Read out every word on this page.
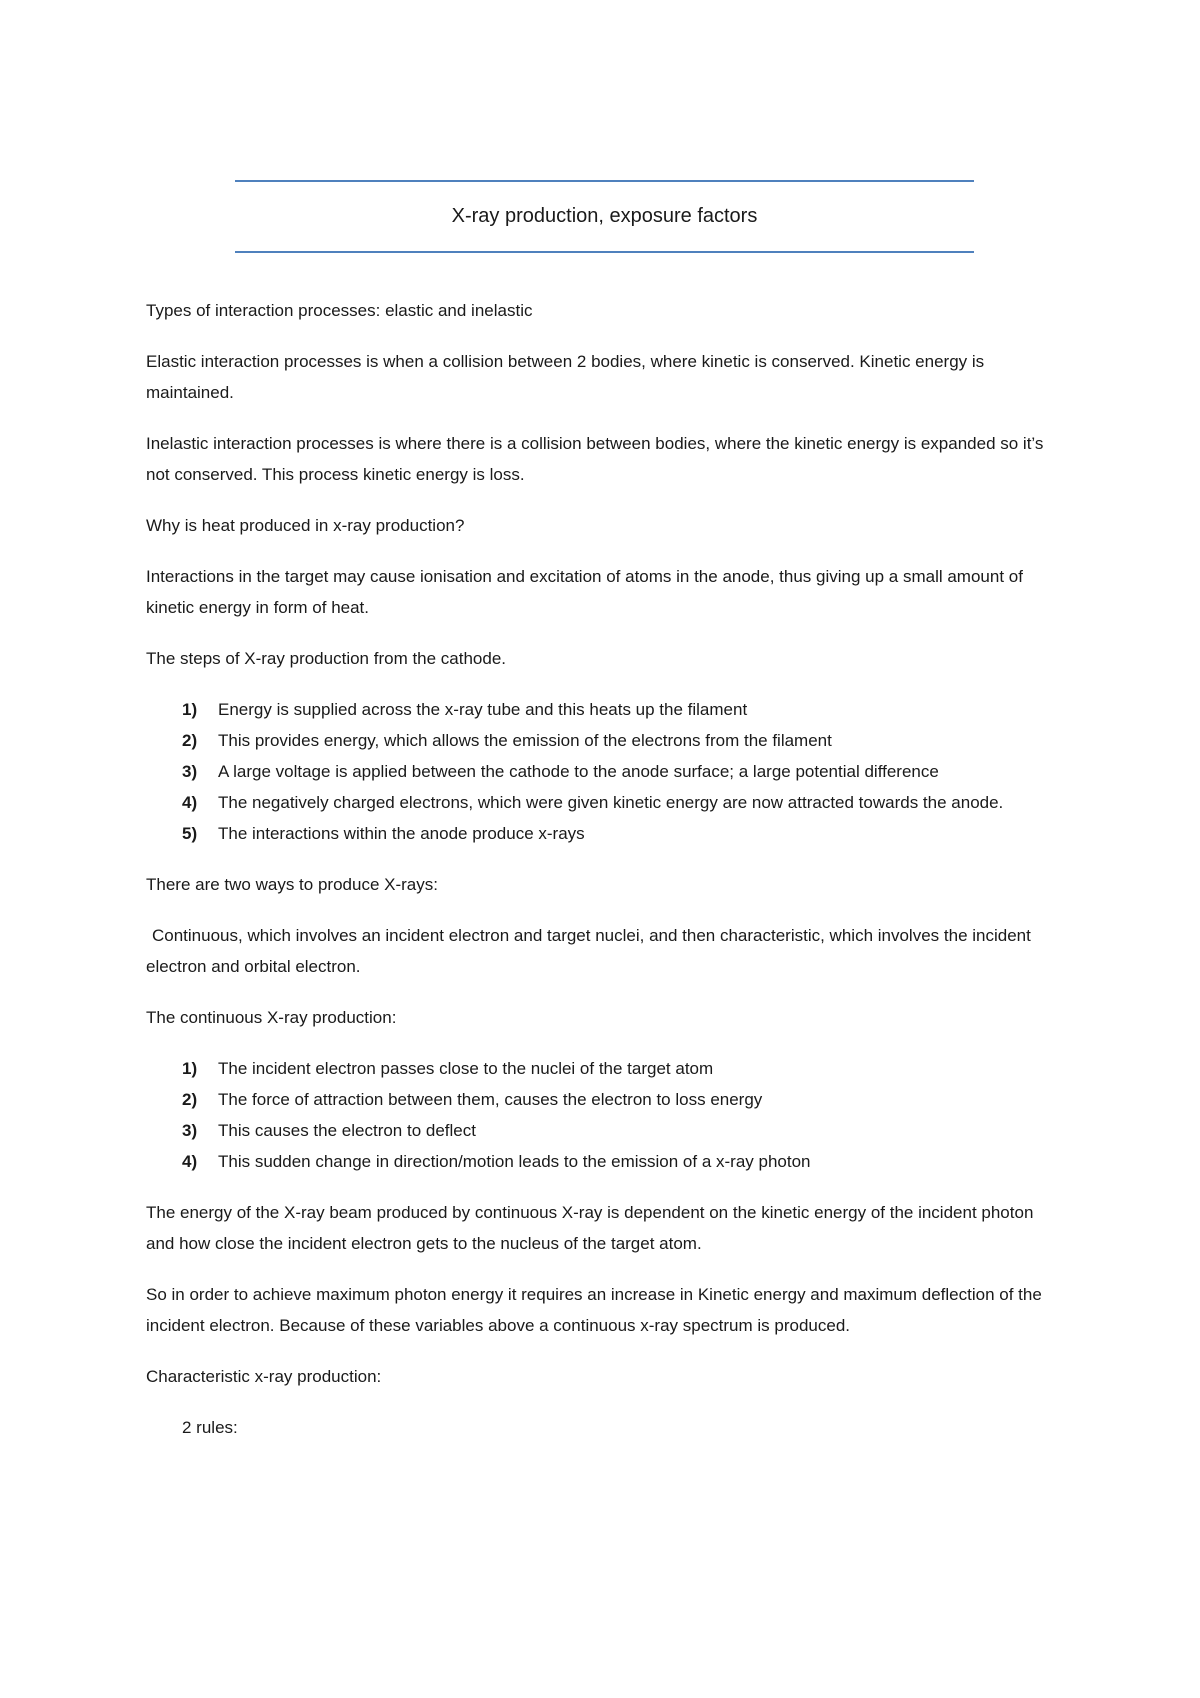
X-ray production, exposure factors

Types of interaction processes: elastic and inelastic

Elastic interaction processes is when a collision between 2 bodies, where kinetic is conserved. Kinetic energy is maintained.

Inelastic interaction processes is where there is a collision between bodies, where the kinetic energy is expanded so it’s not conserved. This process kinetic energy is loss.

Why is heat produced in x-ray production?

Interactions in the target may cause ionisation and excitation of atoms in the anode, thus giving up a small amount of kinetic energy in form of heat.

The steps of X-ray production from the cathode.

1) Energy is supplied across the x-ray tube and this heats up the filament
2) This provides energy, which allows the emission of the electrons from the filament
3) A large voltage is applied between the cathode to the anode surface; a large potential difference
4) The negatively charged electrons, which were given kinetic energy are now attracted towards the anode.
5) The interactions within the anode produce x-rays

There are two ways to produce X-rays:

Continuous, which involves an incident electron and target nuclei, and then characteristic, which involves the incident electron and orbital electron.

The continuous X-ray production:

1) The incident electron passes close to the nuclei of the target atom
2) The force of attraction between them, causes the electron to loss energy
3) This causes the electron to deflect
4) This sudden change in direction/motion leads to the emission of a x-ray photon

The energy of the X-ray beam produced by continuous X-ray is dependent on the kinetic energy of the incident photon and how close the incident electron gets to the nucleus of the target atom.

So in order to achieve maximum photon energy it requires an increase in Kinetic energy and maximum deflection of the incident electron. Because of these variables above a continuous x-ray spectrum is produced.

Characteristic x-ray production:

2 rules:
